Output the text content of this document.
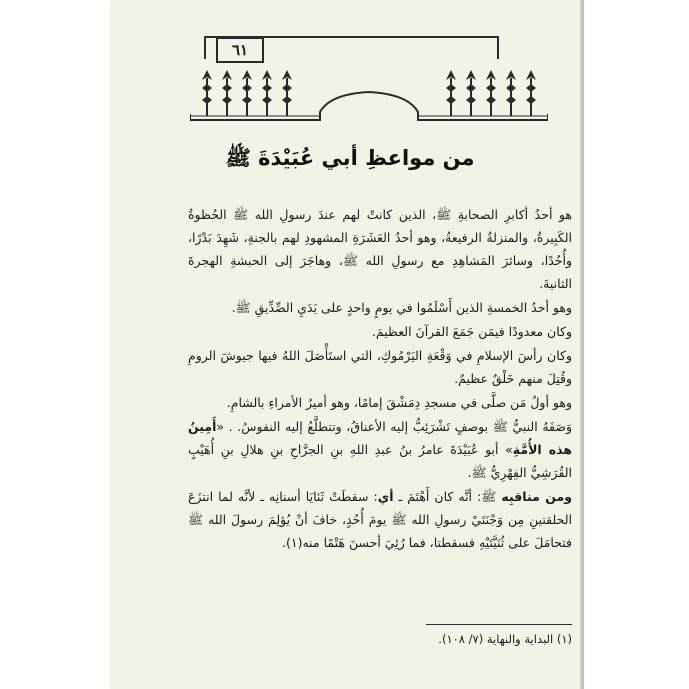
٦١
من مواعظِ أبي عُبَيْدَةَ ﷺ

هو أحدُ أكابرِ الصحابةِ ﷺ، الذين كانتْ لهم عندَ رسولِ الله ﷺ الحُظوةُ الكَبِيرةُ، والمنزلةُ الرفيعةُ، وهو أحدُ العَشَرَةِ المشهودِ لهم بالجنةِ، شَهِدَ بَدْرًا، وأُحُدًا، وسائرَ المَشاهِدِ مع رسولِ الله ﷺ، وهاجَرَ إلى الحبشةِ الهجرةَ الثانيةَ.

وهو أحدُ الخمسةِ الذين أَسْلَمُوا في يومٍ واحدٍ على يَدَيِ الصِّدِّيقِ ﷺ.

وكان معدودًا فيمَن جَمَعَ القرآنَ العظيمَ.

وكان رأسَ الإسلامِ في وَقْعَةِ اليَرْمُوكِ، التي استَأْصَلَ اللهُ فيها جيوشَ الرومِ وقُتِلَ منهم خَلْقٌ عظيمٌ.

وهو أولُ مَن صلَّى في مسجدِ دِمَشْقَ إمامًا، وهو أميرُ الأمراءِ بالشامِ.

وَصَفَهُ النبيُّ ﷺ بوصفٍ تَشْرَئِبُّ إليه الأعناقُ، وتتطلَّعُ إليه النفوسُ. . «أَمِينُ هذه الأُمَّةِ» أبو عُبَيْدَةَ عامرُ بنُ عبدِ اللهِ بنِ الجرَّاحِ بنِ هلالِ بنِ أُهَيْبٍ القُرَشِيُّ الفِهْرِيُّ ﷺ.

ومن مناقبِه ﷺ: أنَّه كان أَهْتَمَ ـ أي: سقطَتْ ثَنَايَا أسنانِه ـ لأنَّه لما انتزَعَ الحلقتينِ مِن وَجْنَتَيْ رسولِ الله ﷺ يومَ أُحُدٍ، خافَ أنْ يُؤلِمَ رسولَ الله ﷺ فتحامَلَ على ثُنَيَّتَيْهِ فسقطتا، فما رُئِيَ أحسنَ هَتْمًا منه(١).

(١) البداية والنهاية (٧/ ١٠٨).
